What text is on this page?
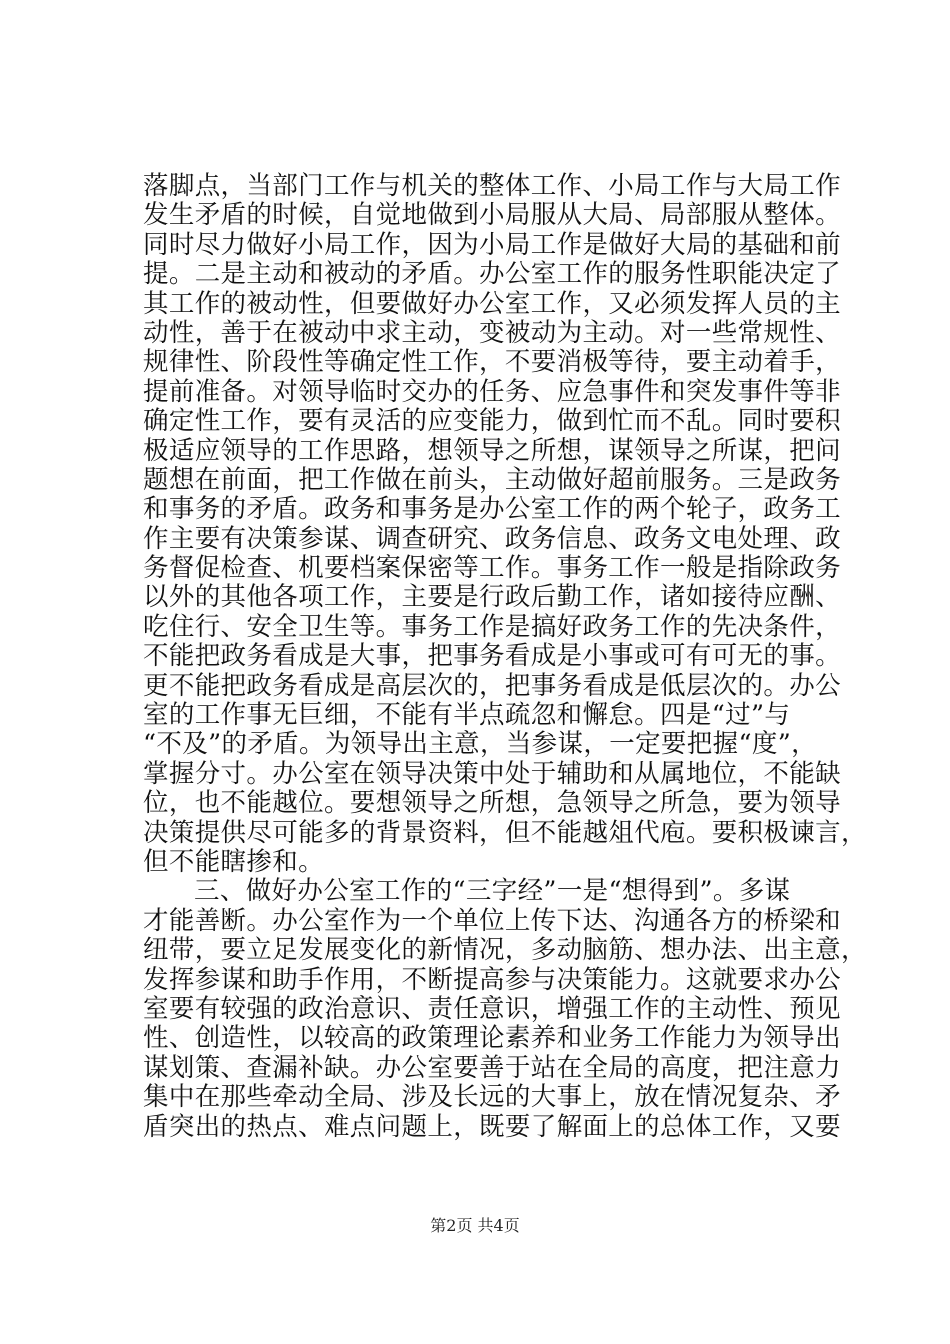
落脚点，当部门工作与机关的整体工作、小局工作与大局工作
发生矛盾的时候，自觉地做到小局服从大局、局部服从整体。
同时尽力做好小局工作，因为小局工作是做好大局的基础和前
提。二是主动和被动的矛盾。办公室工作的服务性职能决定了
其工作的被动性，但要做好办公室工作，又必须发挥人员的主
动性，善于在被动中求主动，变被动为主动。对一些常规性、
规律性、阶段性等确定性工作，不要消极等待，要主动着手，
提前准备。对领导临时交办的任务、应急事件和突发事件等非
确定性工作，要有灵活的应变能力，做到忙而不乱。同时要积
极适应领导的工作思路，想领导之所想，谋领导之所谋，把问
题想在前面，把工作做在前头，主动做好超前服务。三是政务
和事务的矛盾。政务和事务是办公室工作的两个轮子，政务工
作主要有决策参谋、调查研究、政务信息、政务文电处理、政
务督促检查、机要档案保密等工作。事务工作一般是指除政务
以外的其他各项工作，主要是行政后勤工作，诸如接待应酬、
吃住行、安全卫生等。事务工作是搞好政务工作的先决条件，
不能把政务看成是大事，把事务看成是小事或可有可无的事。
更不能把政务看成是高层次的，把事务看成是低层次的。办公
室的工作事无巨细，不能有半点疏忽和懈怠。四是“过”与
“不及”的矛盾。为领导出主意，当参谋，一定要把握“度”，
掌握分寸。办公室在领导决策中处于辅助和从属地位，不能缺
位，也不能越位。要想领导之所想，急领导之所急，要为领导
决策提供尽可能多的背景资料，但不能越俎代庖。要积极谏言，
但不能瞎掺和。
三、做好办公室工作的“三字经”一是“想得到”。多谋
才能善断。办公室作为一个单位上传下达、沟通各方的桥梁和
纽带，要立足发展变化的新情况，多动脑筋、想办法、出主意，
发挥参谋和助手作用，不断提高参与决策能力。这就要求办公
室要有较强的政治意识、责任意识，增强工作的主动性、预见
性、创造性，以较高的政策理论素养和业务工作能力为领导出
谋划策、查漏补缺。办公室要善于站在全局的高度，把注意力
集中在那些牵动全局、涉及长远的大事上，放在情况复杂、矛
盾突出的热点、难点问题上，既要了解面上的总体工作，又要
第2页 共4页
